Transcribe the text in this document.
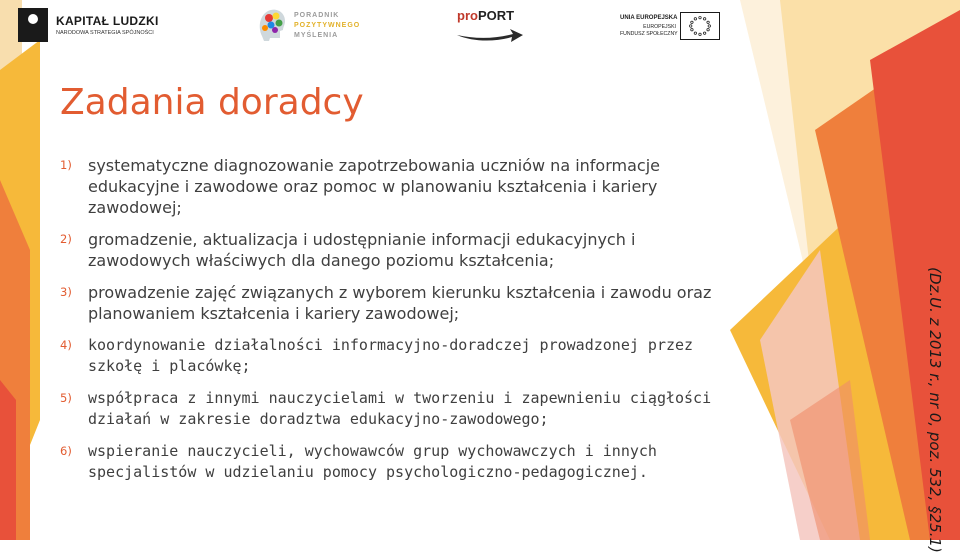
KAPITAŁ LUDZKI
NARODOWA STRATEGIA SPÓJNOŚCI
PORADNIK
POZYTYWNEGO
MYŚLENIA
proPORT	UNIA EUROPEJSKA
EUROPEJSKI
FUNDUSZ SPOŁECZNY
Zadania doradcy
1) systematyczne diagnozowanie zapotrzebowania uczniów na informacje edukacyjne i zawodowe oraz pomoc w planowaniu kształcenia i kariery zawodowej;
2) gromadzenie, aktualizacja i udostępnianie informacji edukacyjnych i zawodowych właściwych dla danego poziomu kształcenia;
3) prowadzenie zajęć związanych z wyborem kierunku kształcenia i zawodu oraz planowaniem kształcenia i kariery zawodowej;
4) koordynowanie działalności informacyjno-doradczej prowadzonej przez szkołę i placówkę;
5) współpraca z innymi nauczycielami w tworzeniu i zapewnieniu ciągłości działań w zakresie doradztwa edukacyjno-zawodowego;
6) wspieranie nauczycieli, wychowawców grup wychowawczych i innych specjalistów w udzielaniu pomocy psychologiczno-pedagogicznej.	(Dz.U. z 2013 r., nr 0, poz. 532, §25.1)
